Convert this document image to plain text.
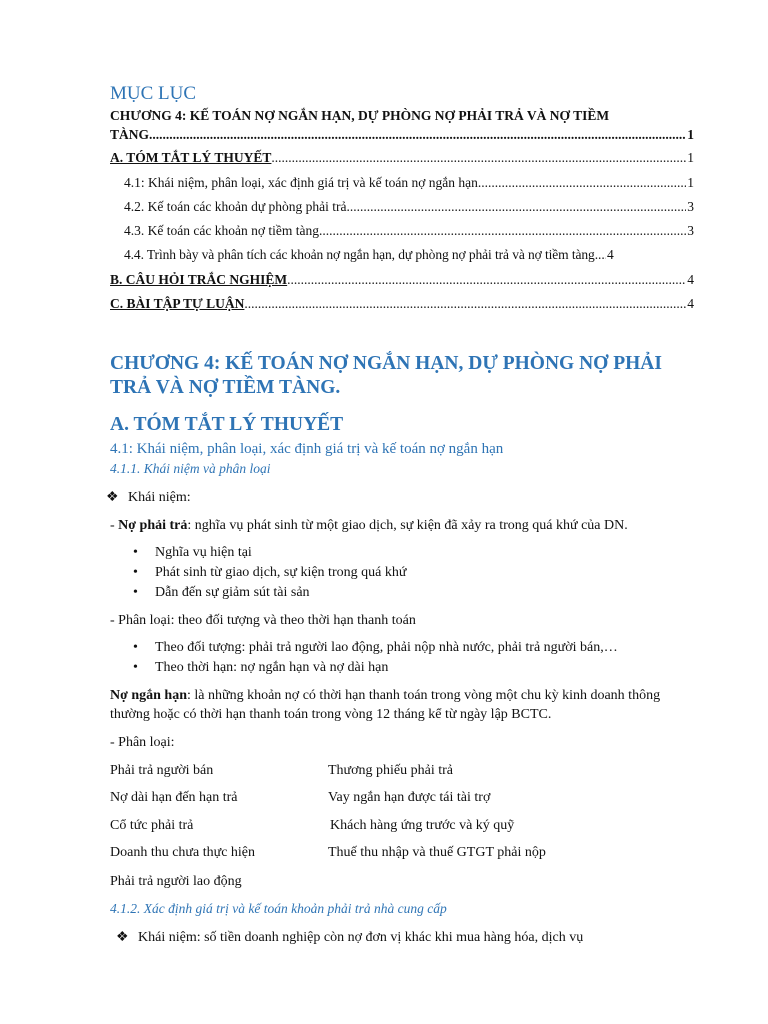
MỤC LỤC
CHƯƠNG 4: KẾ TOÁN NỢ NGẮN HẠN, DỰ PHÒNG NỢ PHẢI TRẢ VÀ NỢ TIỀM
TÀNG. .....	1
A. TÓM TẮT LÝ THUYẾT .....	1
4.1: Khái niệm, phân loại, xác định giá trị và kế toán nợ ngắn hạn .....	1
4.2. Kế toán các khoản dự phòng phải trả .....	3
4.3. Kế toán các khoản nợ tiềm tàng .....	3
4.4. Trình bày và phân tích các khoản nợ ngắn hạn, dự phòng nợ phải trả và nợ tiềm tàng. ..... 4
B. CÂU HỎI TRẮC NGHIỆM .....	4
C. BÀI TẬP TỰ LUẬN .....	4
CHƯƠNG 4: KẾ TOÁN NỢ NGẮN HẠN, DỰ PHÒNG NỢ PHẢI
TRẢ VÀ NỢ TIỀM TÀNG.
A. TÓM TẮT LÝ THUYẾT
4.1: Khái niệm, phân loại, xác định giá trị và kế toán nợ ngắn hạn
4.1.1. Khái niệm và phân loại
❖ Khái niệm:
- Nợ phải trả: nghĩa vụ phát sinh từ một giao dịch, sự kiện đã xảy ra trong quá khứ của DN.
• Nghĩa vụ hiện tại
• Phát sinh từ giao dịch, sự kiện trong quá khứ
• Dẫn đến sự giảm sút tài sản
- Phân loại: theo đối tượng và theo thời hạn thanh toán
• Theo đối tượng: phải trả người lao động, phải nộp nhà nước, phải trả người bán,…
• Theo thời hạn: nợ ngắn hạn và nợ dài hạn
Nợ ngắn hạn: là những khoản nợ có thời hạn thanh toán trong vòng một chu kỳ kinh doanh thông
thường hoặc có thời hạn thanh toán trong vòng 12 tháng kể từ ngày lập BCTC.
- Phân loại:
Phải trả người bán	Thương phiếu phải trả
Nợ dài hạn đến hạn trả	Vay ngắn hạn được tái tài trợ
Cổ tức phải trả	Khách hàng ứng trước và ký quỹ
Doanh thu chưa thực hiện	Thuế thu nhập và thuế GTGT phải nộp
Phải trả người lao động
4.1.2. Xác định giá trị và kế toán khoản phải trả nhà cung cấp
❖ Khái niệm: số tiền doanh nghiệp còn nợ đơn vị khác khi mua hàng hóa, dịch vụ
